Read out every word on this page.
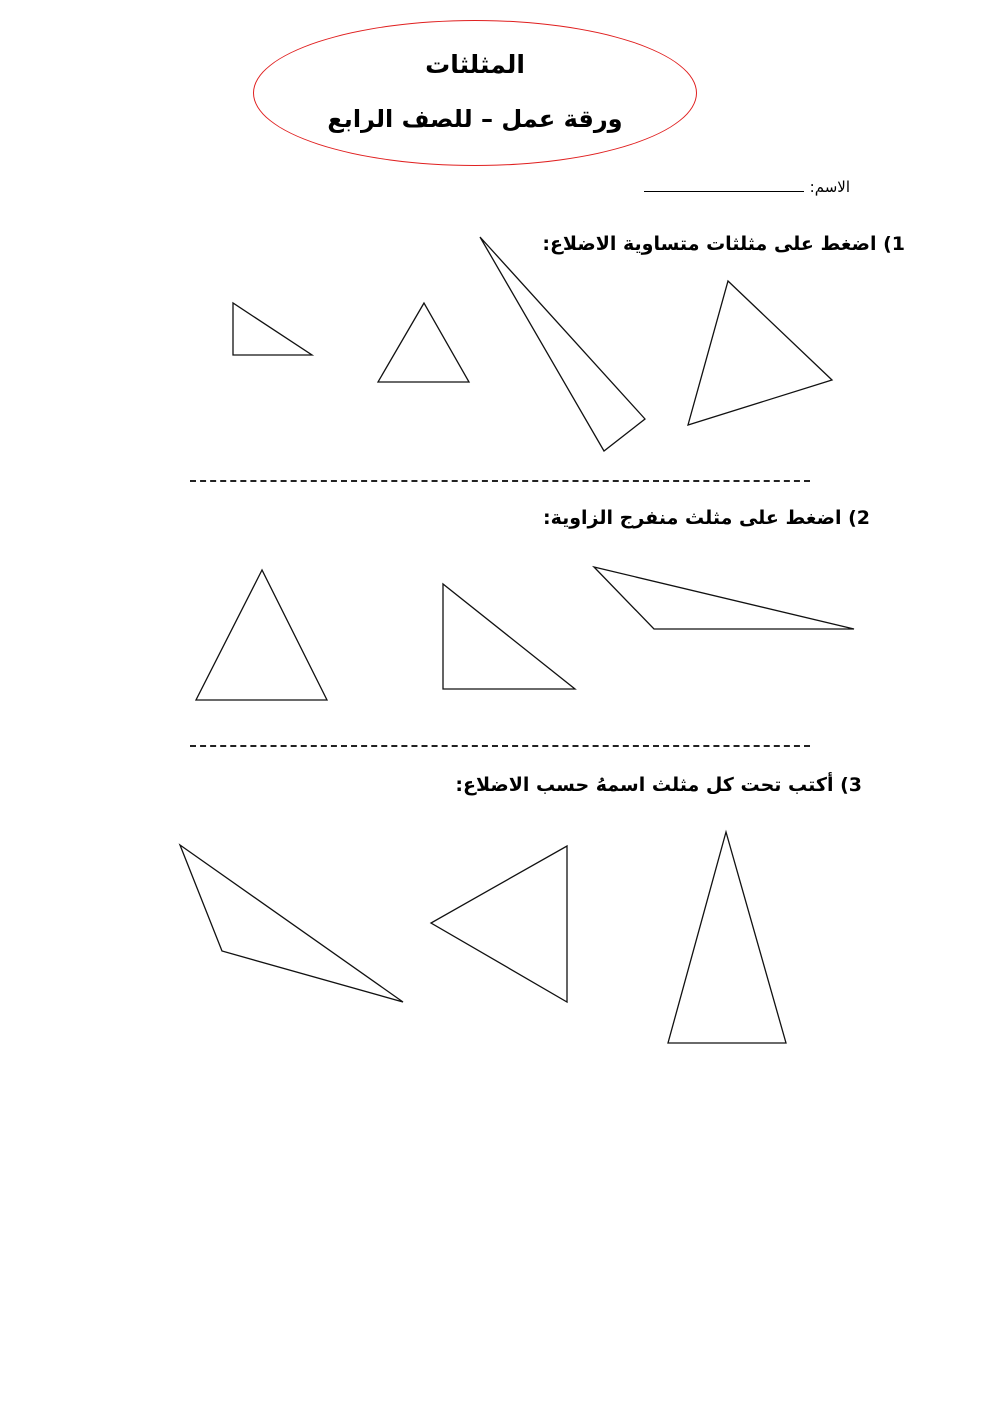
المثلثات
ورقة عمل – للصف الرابع
الاسم:
1) اضغط على مثلثات متساوية الاضلاع:
2) اضغط على مثلث منفرج الزاوية:
3) أكتب تحت كل مثلث اسمهُ حسب الاضلاع:
